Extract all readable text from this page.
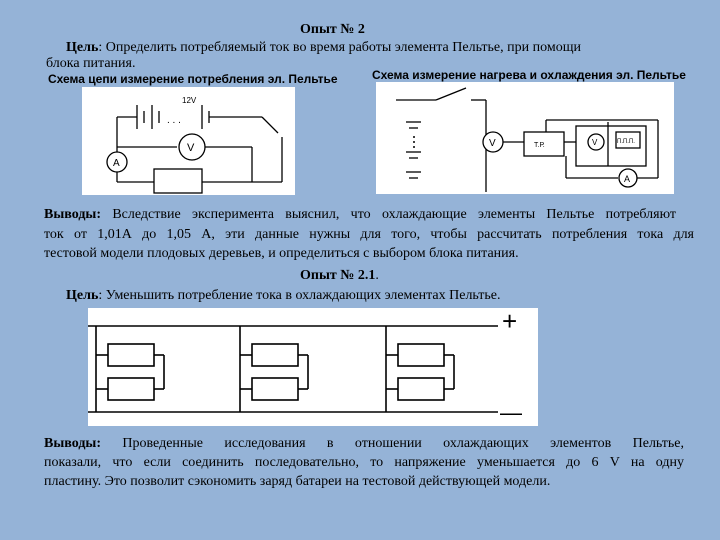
Опыт № 2
Цель: Определить потребляемый ток во время работы элемента Пельтье, при помощи
блока питания.
Схема цепи измерение потребления эл. Пельтье	Схема измерение нагрева и охлаждения эл. Пельтье
12V
. . .
V
A
V	Т.Р.	V	П.П.П.
A
Выводы: Вследствие эксперимента выяснил, что охлаждающие элементы Пельтье потребляют
ток от 1,01А до 1,05 А, эти данные нужны для того, чтобы рассчитать потребления тока для
тестовой модели плодовых деревьев, и определиться с выбором блока питания.
Опыт № 2.1.
Цель: Уменьшить потребление тока в охлаждающих элементах Пельтье.
+
—
Выводы: Проведенные исследования в отношении охлаждающих элементов Пельтье,
показали, что если соединить последовательно, то напряжение уменьшается до 6 V на одну
пластину. Это позволит сэкономить заряд батареи на тестовой действующей модели.
